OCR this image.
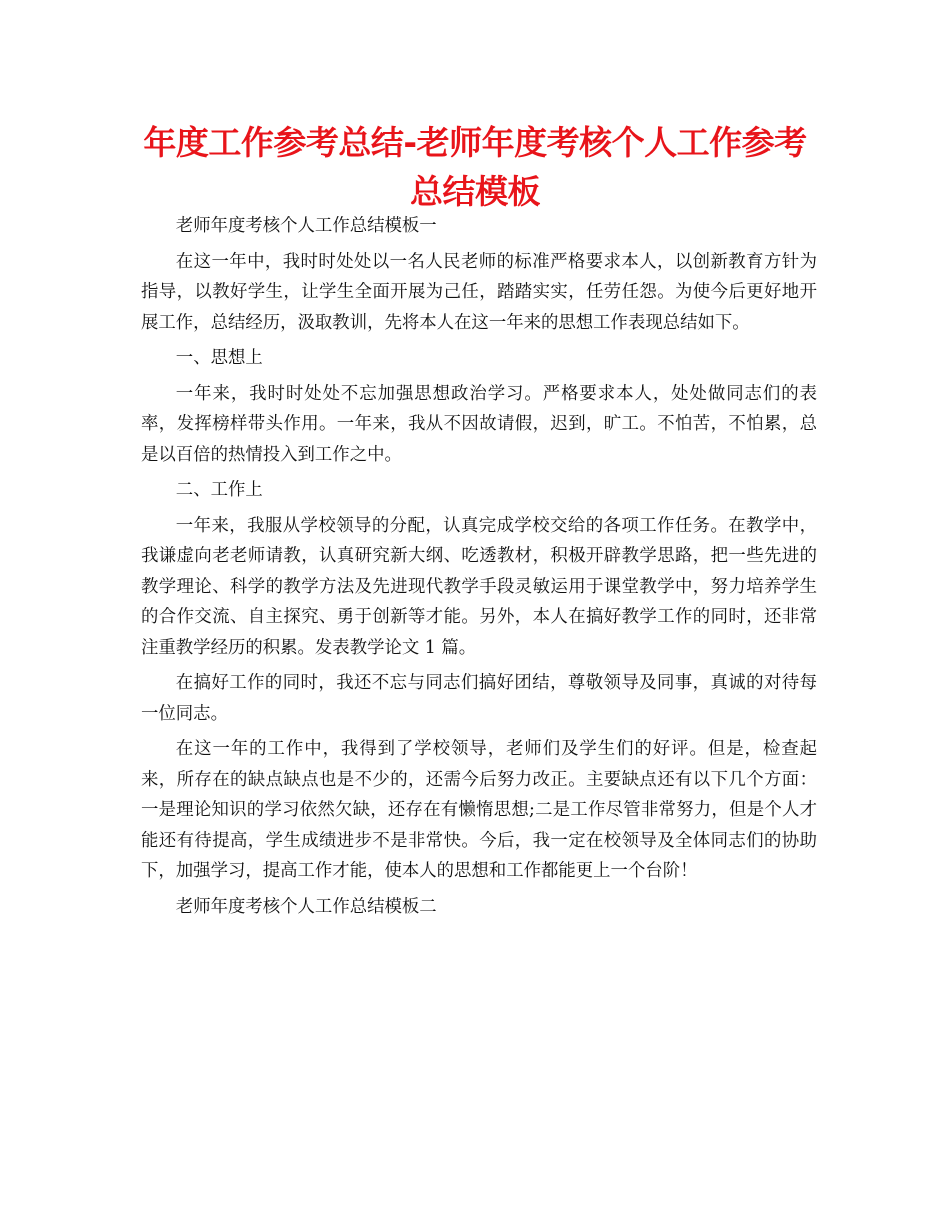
年度工作参考总结-老师年度考核个人工作参考总结模板

老师年度考核个人工作总结模板一

在这一年中，我时时处处以一名人民老师的标准严格要求本人，以创新教育方针为指导，以教好学生，让学生全面开展为己任，踏踏实实，任劳任怨。为使今后更好地开展工作，总结经历，汲取教训，先将本人在这一年来的思想工作表现总结如下。

一、思想上

一年来，我时时处处不忘加强思想政治学习。严格要求本人，处处做同志们的表率，发挥榜样带头作用。一年来，我从不因故请假，迟到，旷工。不怕苦，不怕累，总是以百倍的热情投入到工作之中。

二、工作上

一年来，我服从学校领导的分配，认真完成学校交给的各项工作任务。在教学中，我谦虚向老老师请教，认真研究新大纲、吃透教材，积极开辟教学思路，把一些先进的教学理论、科学的教学方法及先进现代教学手段灵敏运用于课堂教学中，努力培养学生的合作交流、自主探究、勇于创新等才能。另外，本人在搞好教学工作的同时，还非常注重教学经历的积累。发表教学论文 1 篇。

在搞好工作的同时，我还不忘与同志们搞好团结，尊敬领导及同事，真诚的对待每一位同志。

在这一年的工作中，我得到了学校领导，老师们及学生们的好评。但是，检查起来，所存在的缺点缺点也是不少的，还需今后努力改正。主要缺点还有以下几个方面：一是理论知识的学习依然欠缺，还存在有懒惰思想;二是工作尽管非常努力，但是个人才能还有待提高，学生成绩进步不是非常快。今后，我一定在校领导及全体同志们的协助下，加强学习，提高工作才能，使本人的思想和工作都能更上一个台阶！

老师年度考核个人工作总结模板二
